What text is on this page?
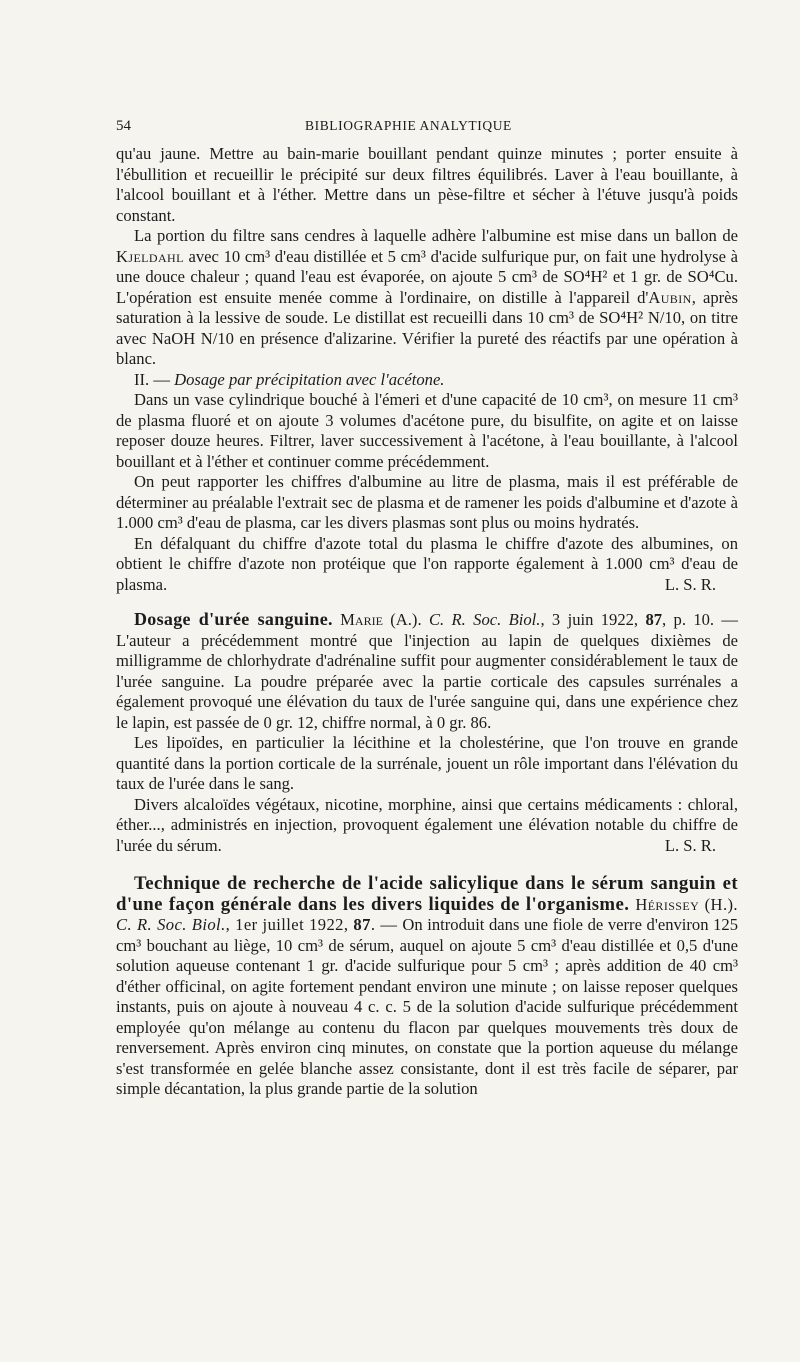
54	BIBLIOGRAPHIE ANALYTIQUE

qu'au jaune. Mettre au bain-marie bouillant pendant quinze minutes ; porter ensuite à l'ébullition et recueillir le précipité sur deux filtres équilibrés. Laver à l'eau bouillante, à l'alcool bouillant et à l'éther. Mettre dans un pèse-filtre et sécher à l'étuve jusqu'à poids constant.

La portion du filtre sans cendres à laquelle adhère l'albumine est mise dans un ballon de Kjeldahl avec 10 cm³ d'eau distillée et 5 cm³ d'acide sulfurique pur, on fait une hydrolyse à une douce chaleur ; quand l'eau est évaporée, on ajoute 5 cm³ de SO⁴H² et 1 gr. de SO⁴Cu. L'opération est ensuite menée comme à l'ordinaire, on distille à l'appareil d'Aubin, après saturation à la lessive de soude. Le distillat est recueilli dans 10 cm³ de SO⁴H² N/10, on titre avec NaOH N/10 en présence d'alizarine. Vérifier la pureté des réactifs par une opération à blanc.

II. — Dosage par précipitation avec l'acétone.

Dans un vase cylindrique bouché à l'émeri et d'une capacité de 10 cm³, on mesure 11 cm³ de plasma fluoré et on ajoute 3 volumes d'acétone pure, du bisulfite, on agite et on laisse reposer douze heures. Filtrer, laver successivement à l'acétone, à l'eau bouillante, à l'alcool bouillant et à l'éther et continuer comme précédemment.

On peut rapporter les chiffres d'albumine au litre de plasma, mais il est préférable de déterminer au préalable l'extrait sec de plasma et de ramener les poids d'albumine et d'azote à 1.000 cm³ d'eau de plasma, car les divers plasmas sont plus ou moins hydratés.

En défalquant du chiffre d'azote total du plasma le chiffre d'azote des albumines, on obtient le chiffre d'azote non protéique que l'on rapporte également à 1.000 cm³ d'eau de plasma.	L. S. R.

Dosage d'urée sanguine. Marie (A.). C. R. Soc. Biol., 3 juin 1922, 87, p. 10. — L'auteur a précédemment montré que l'injection au lapin de quelques dixièmes de milligramme de chlorhydrate d'adrénaline suffit pour augmenter considérablement le taux de l'urée sanguine. La poudre préparée avec la partie corticale des capsules surrénales a également provoqué une élévation du taux de l'urée sanguine qui, dans une expérience chez le lapin, est passée de 0 gr. 12, chiffre normal, à 0 gr. 86.

Les lipoïdes, en particulier la lécithine et la cholestérine, que l'on trouve en grande quantité dans la portion corticale de la surrénale, jouent un rôle important dans l'élévation du taux de l'urée dans le sang.

Divers alcaloïdes végétaux, nicotine, morphine, ainsi que certains médicaments : chloral, éther..., administrés en injection, provoquent également une élévation notable du chiffre de l'urée du sérum.	L. S. R.

Technique de recherche de l'acide salicylique dans le sérum sanguin et d'une façon générale dans les divers liquides de l'organisme. Hérissey (H.). C. R. Soc. Biol., 1er juillet 1922, 87. — On introduit dans une fiole de verre d'environ 125 cm³ bouchant au liège, 10 cm³ de sérum, auquel on ajoute 5 cm³ d'eau distillée et 0,5 d'une solution aqueuse contenant 1 gr. d'acide sulfurique pour 5 cm³ ; après addition de 40 cm³ d'éther officinal, on agite fortement pendant environ une minute ; on laisse reposer quelques instants, puis on ajoute à nouveau 4 c. c. 5 de la solution d'acide sulfurique précédemment employée qu'on mélange au contenu du flacon par quelques mouvements très doux de renversement. Après environ cinq minutes, on constate que la portion aqueuse du mélange s'est transformée en gelée blanche assez consistante, dont il est très facile de séparer, par simple décantation, la plus grande partie de la solution
